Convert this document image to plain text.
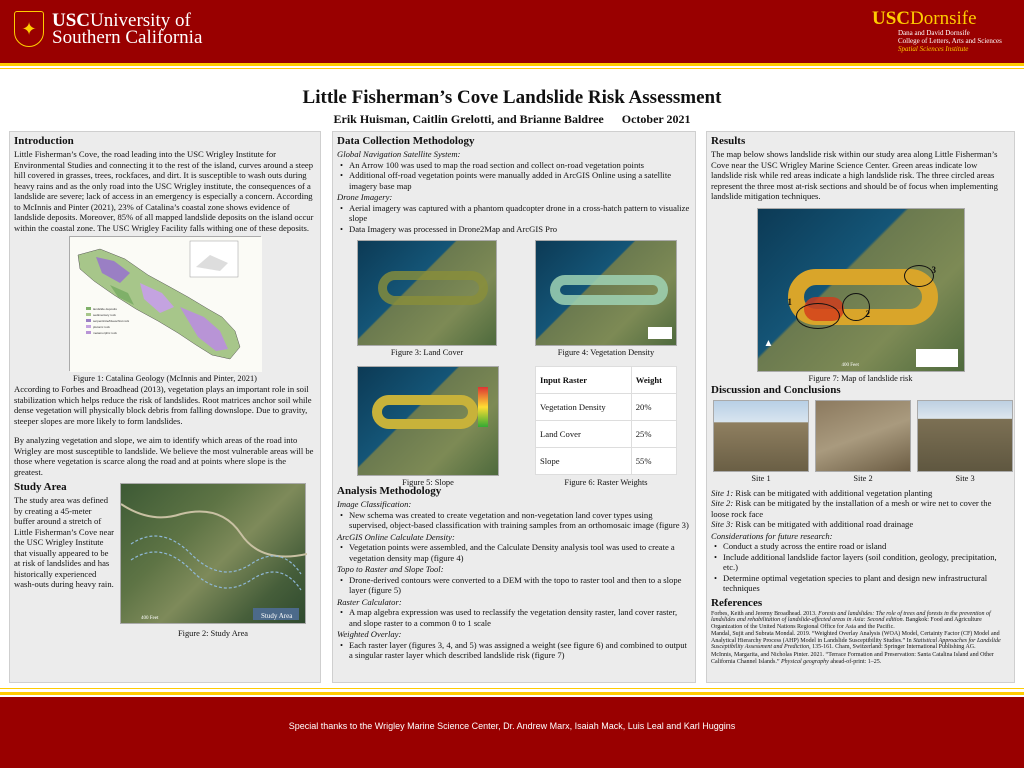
✦ USCUniversity of
Southern California
USCDornsife
Dana and David Dornsife
College of Letters, Arts and Sciences
Spatial Sciences Institute
Little Fisherman’s Cove Landslide Risk Assessment
Erik Huisman, Caitlin Grelotti, and Brianne Baldree October 2021
Introduction

Little Fisherman’s Cove, the road leading into the USC Wrigley Institute for Environmental Studies and connecting it to the rest of the island, curves around a steep hill covered in grasses, trees, rockfaces, and dirt. It is susceptible to wash outs during heavy rains and as the only road into the USC Wrigley institute, the consequences of a landslide are severe; lack of access in an emergency is especially a concern. According to McInnis and Pinter (2021), 23% of Catalina’s coastal zone shows evidence of landslide deposits. Moreover, 85% of all mapped landslide deposits on the island occur within the coastal zone. The USC Wrigley Facility falls withing one of these deposits.

landslide deposits
sedimentary rock
serpentinite/blueschist rock
plutonic rock
metamorphic rock
Figure 1: Catalina Geology (McInnis and Pinter, 2021)

According to Forbes and Broadhead (2013), vegetation plays an important role in soil stabilization which helps reduce the risk of landslides. Root matrices anchor soil while dense vegetation will physically block debris from falling downslope. Due to gravity, steeper slopes are more likely to form landslides.

By analyzing vegetation and slope, we aim to identify which areas of the road into Wrigley are most susceptible to landslide. We believe the most vulnerable areas will be those where vegetation is scarce along the road and at points where slope is the greatest.

Study Area

The study area was defined by creating a 45-meter buffer around a stretch of Little Fisherman’s Cove near the USC Wrigley Institute that visually appeared to be at risk of landslides and has historically experienced wash-outs during heavy rain.

400 Feet	Study Area
Figure 2: Study Area
Data Collection Methodology
Global Navigation Satellite System:
• An Arrow 100 was used to map the road section and collect on-road vegetation points
• Additional off-road vegetation points were manually added in ArcGIS Online using a satellite imagery base map
Drone Imagery:
• Aerial imagery was captured with a phantom quadcopter drone in a cross-hatch pattern to visualize slope
• Data Imagery was processed in Drone2Map and ArcGIS Pro
Figure 3: Land Cover	Figure 4: Vegetation Density
Figure 5: Slope
Input Raster	Weight
Vegetation Density	20%
Land Cover	25%
Slope	55%
Figure 6: Raster Weights
Analysis Methodology
Image Classification:
• New schema was created to create vegetation and non-vegetation land cover types using supervised, object-based classification with training samples from an orthomosaic image (figure 3)
ArcGIS Online Calculate Density:
• Vegetation points were assembled, and the Calculate Density analysis tool was used to create a vegetation density map (figure 4)
Topo to Raster and Slope Tool:
• Drone-derived contours were converted to a DEM with the topo to raster tool and then to a slope layer (figure 5)
Raster Calculator:
• A map algebra expression was used to reclassify the vegetation density raster, land cover raster, and slope raster to a common 0 to 1 scale
Weighted Overlay:
• Each raster layer (figures 3, 4, and 5) was assigned a weight (see figure 6) and combined to output a singular raster layer which described landslide risk (figure 7)
Results

The map below shows landslide risk within our study area along Little Fisherman’s Cove near the USC Wrigley Marine Science Center. Green areas indicate low landslide risk while red areas indicate a high landslide risk. The three circled areas represent the three most at-risk sections and should be of focus when implementing landslide mitigation techniques.

1
2
3
▲
400 Feet
Figure 7: Map of landslide risk
Discussion and Conclusions
Site 1	Site 2	Site 3

Site 1: Risk can be mitigated with additional vegetation planting

Site 2: Risk can be mitigated by the installation of a mesh or wire net to cover the loose rock face

Site 3: Risk can be mitigated with additional road drainage

Considerations for future research:
• Conduct a study across the entire road or island
• Include additional landslide factor layers (soil condition, geology, precipitation, etc.)
• Determine optimal vegetation species to plant and design new infrastructural techniques
References

Forbes, Keith and Jeremy Broadhead. 2013. Forests and landslides: The role of trees and forests in the prevention of landslides and rehabilitation of landslide-affected areas in Asia: Second edition. Bangkok: Food and Agriculture Organization of the United Nations Regional Office for Asia and the Pacific.

Mandal, Sujit and Subrata Mondal. 2019. “Weighted Overlay Analysis (WOA) Model, Certainty Factor (CF) Model and Analytical Hierarchy Process (AHP) Model in Landslide Susceptibility Studies.” In Statistical Approaches for Landslide Susceptibility Assessment and Prediction, 135-161. Cham, Switzerland: Springer International Publishing AG.

McInnis, Margarita, and Nicholas Pinter. 2021. “Terrace Formation and Preservation: Santa Catalina Island and Other California Channel Islands.” Physical geography ahead-of-print: 1–25.

Special thanks to the Wrigley Marine Science Center, Dr. Andrew Marx, Isaiah Mack, Luis Leal and Karl Huggins
